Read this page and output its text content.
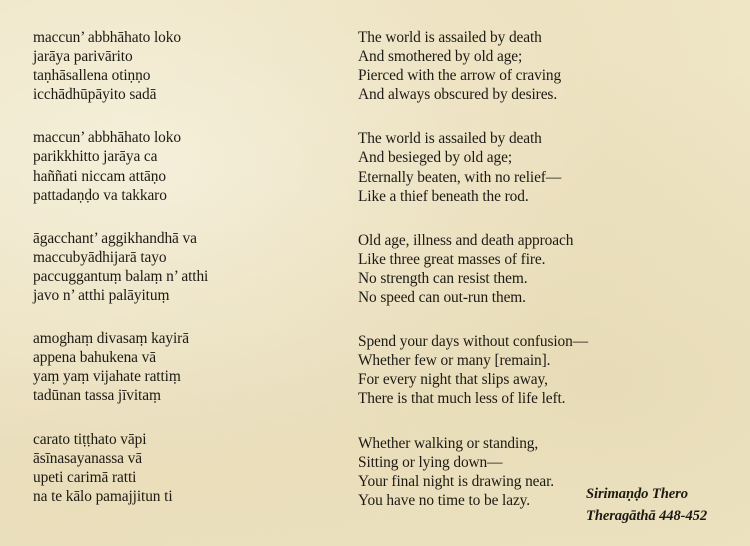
maccun’ abbhāhato loko
jarāya parivārito
taṇhāsallena otiṇṇo
icchādhūpāyito sadā
maccun’ abbhāhato loko
parikkhitto jarāya ca
haññati niccam attāṇo
pattadaṇḍo va takkaro
āgacchant’ aggikhandhā va
maccubyādhijarā tayo
paccuggantuṃ balaṃ n’ atthi
javo n’ atthi palāyituṃ
amoghaṃ divasaṃ kayirā
appena bahukena vā
yaṃ yaṃ vijahate rattiṃ
tadūnan tassa jīvitaṃ
carato tiṭṭhato vāpi
āsīnasayanassa vā
upeti carimā ratti
na te kālo pamajjitun ti
The world is assailed by death
And smothered by old age;
Pierced with the arrow of craving
And always obscured by desires.
The world is assailed by death
And besieged by old age;
Eternally beaten, with no relief—
Like a thief beneath the rod.
Old age, illness and death approach
Like three great masses of fire.
No strength can resist them.
No speed can out-run them.
Spend your days without confusion—
Whether few or many [remain].
For every night that slips away,
There is that much less of life left.
Whether walking or standing,
Sitting or lying down—
Your final night is drawing near.
You have no time to be lazy.	Sirimaṇḍo Thero
Theragāthā 448-452
